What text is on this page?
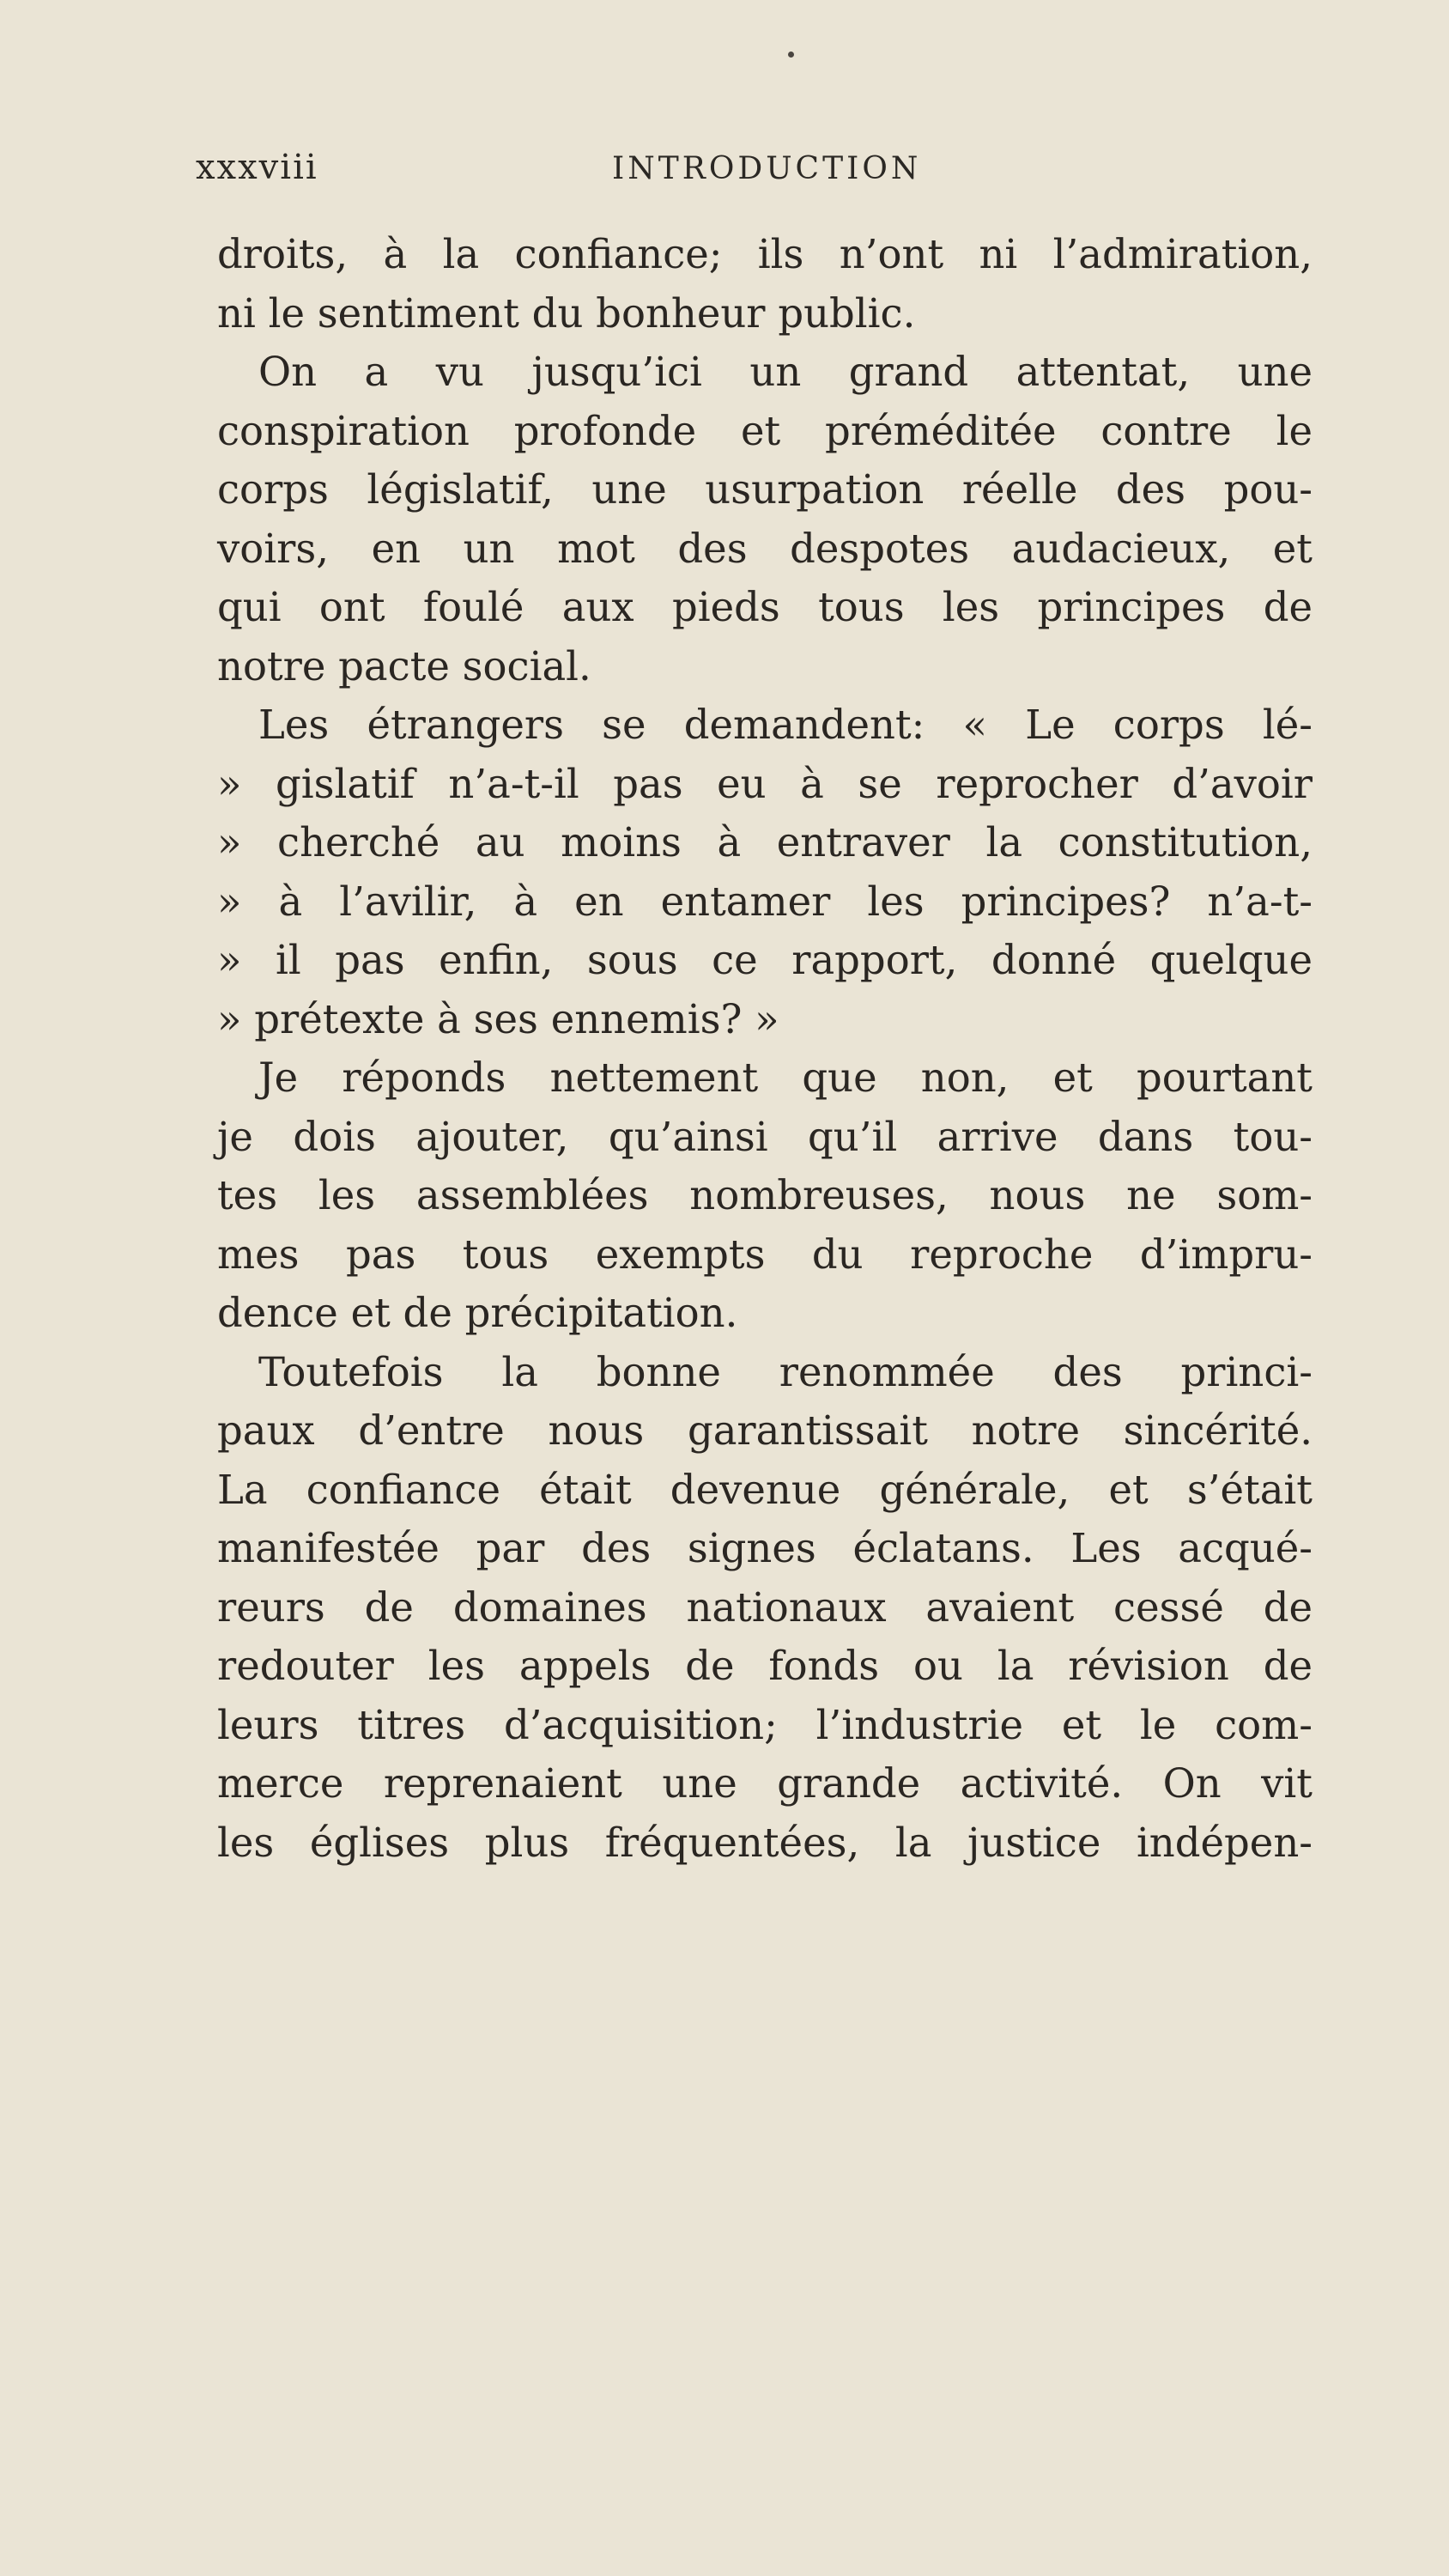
xxxviii	INTRODUCTION
droits, à la confiance; ils n’ont ni l’admiration,
ni le sentiment du bonheur public.
On a vu jusqu’ici un grand attentat, une
conspiration profonde et préméditée contre le
corps législatif, une usurpation réelle des pou-
voirs, en un mot des despotes audacieux, et
qui ont foulé aux pieds tous les principes de
notre pacte social.
Les étrangers se demandent: « Le corps lé-
» gislatif n’a-t-il pas eu à se reprocher d’avoir
» cherché au moins à entraver la constitution,
» à l’avilir, à en entamer les principes? n’a-t-
» il pas enfin, sous ce rapport, donné quelque
» prétexte à ses ennemis? »
Je réponds nettement que non, et pourtant
je dois ajouter, qu’ainsi qu’il arrive dans tou-
tes les assemblées nombreuses, nous ne som-
mes pas tous exempts du reproche d’impru-
dence et de précipitation.
Toutefois la bonne renommée des princi-
paux d’entre nous garantissait notre sincérité.
La confiance était devenue générale, et s’était
manifestée par des signes éclatans. Les acqué-
reurs de domaines nationaux avaient cessé de
redouter les appels de fonds ou la révision de
leurs titres d’acquisition; l’industrie et le com-
merce reprenaient une grande activité. On vit
les églises plus fréquentées, la justice indépen-
